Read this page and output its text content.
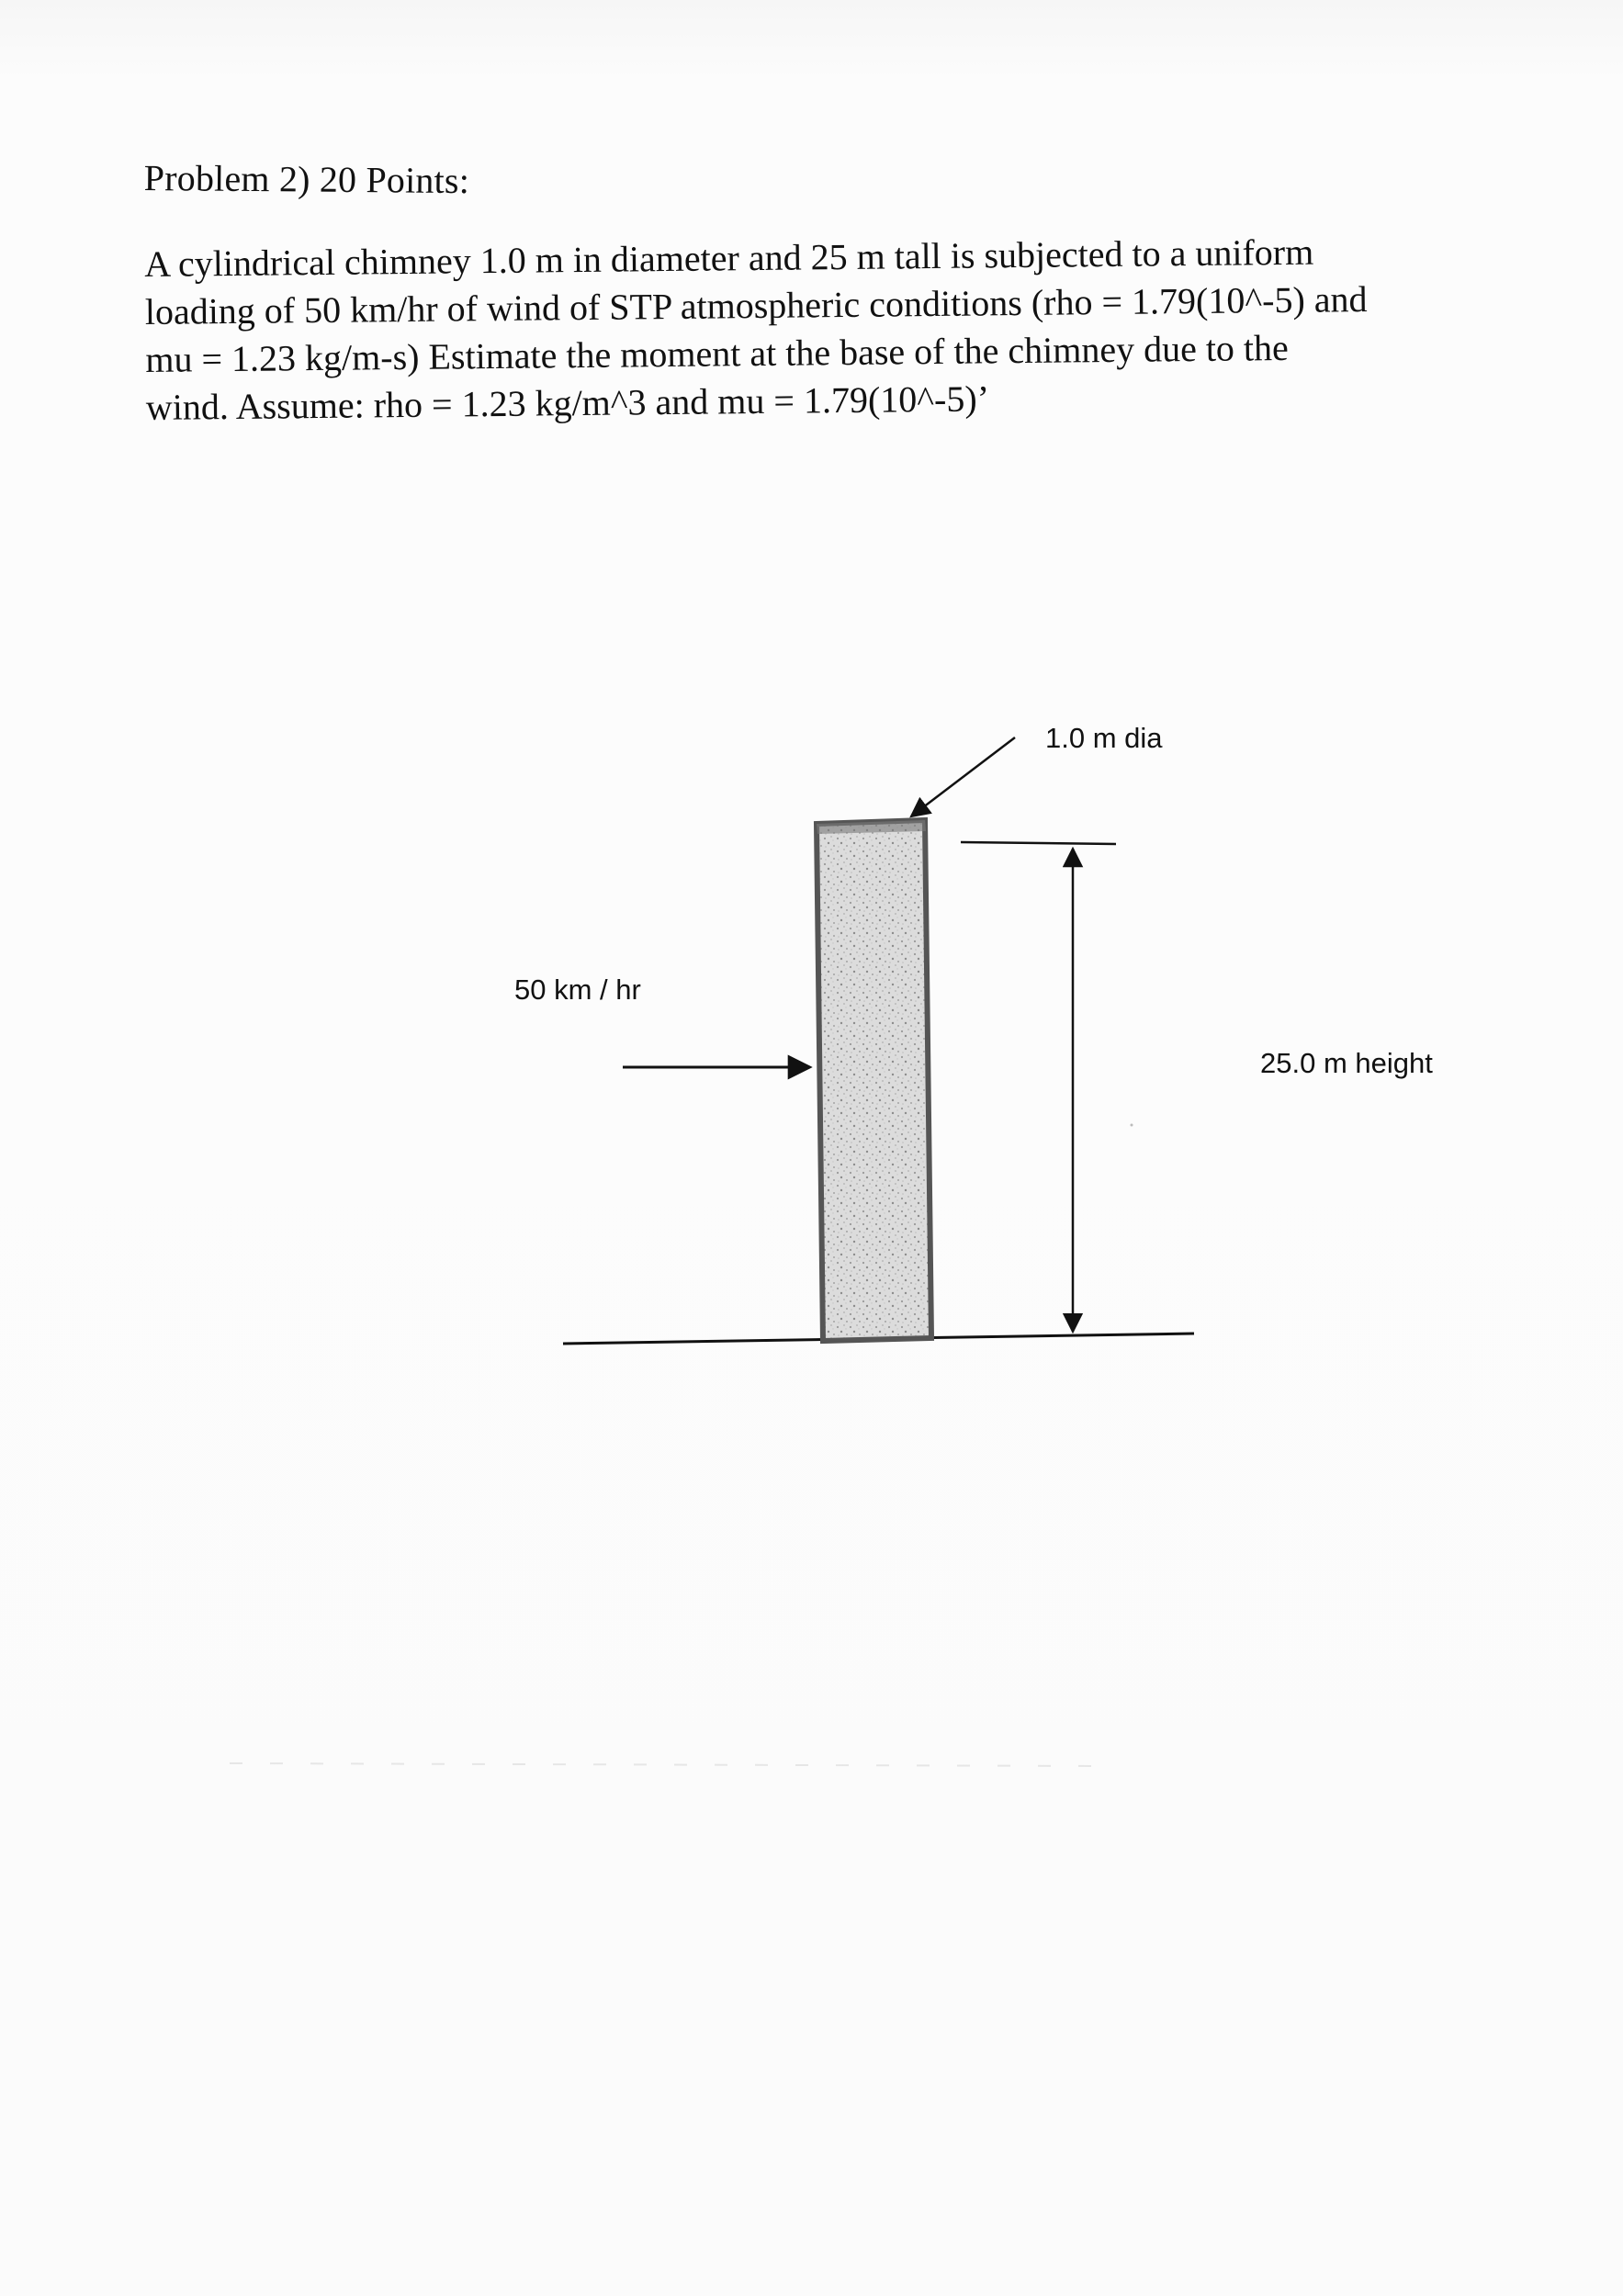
Problem 2) 20 Points:
A cylindrical chimney 1.0 m in diameter and 25 m tall is subjected to a uniform
loading of 50 km/hr of wind of STP atmospheric conditions (rho = 1.79(10^-5) and
mu = 1.23 kg/m-s) Estimate the moment at the base of the chimney due to the
wind. Assume: rho = 1.23 kg/m^3 and mu = 1.79(10^-5)’
1.0 m dia
25.0 m height
50 km / hr
